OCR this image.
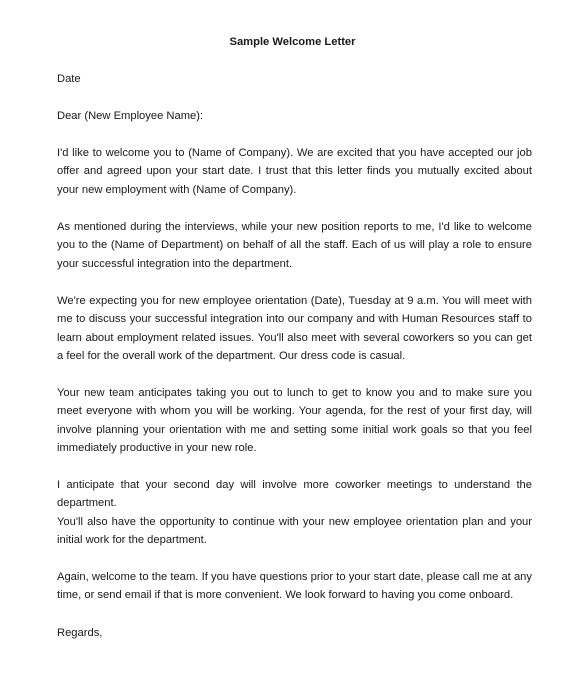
Sample Welcome Letter
Date
Dear (New Employee Name):

I'd like to welcome you to (Name of Company). We are excited that you have accepted our job offer and agreed upon your start date. I trust that this letter finds you mutually excited about your new employment with (Name of Company).

As mentioned during the interviews, while your new position reports to me, I'd like to welcome you to the (Name of Department) on behalf of all the staff. Each of us will play a role to ensure your successful integration into the department.

We're expecting you for new employee orientation (Date), Tuesday at 9 a.m. You will meet with me to discuss your successful integration into our company and with Human Resources staff to learn about employment related issues. You'll also meet with several coworkers so you can get a feel for the overall work of the department. Our dress code is casual.

Your new team anticipates taking you out to lunch to get to know you and to make sure you meet everyone with whom you will be working. Your agenda, for the rest of your first day, will involve planning your orientation with me and setting some initial work goals so that you feel immediately productive in your new role.

I anticipate that your second day will involve more coworker meetings to understand the department.

You'll also have the opportunity to continue with your new employee orientation plan and your initial work for the department.

Again, welcome to the team. If you have questions prior to your start date, please call me at any time, or send email if that is more convenient. We look forward to having you come onboard.

Regards,
